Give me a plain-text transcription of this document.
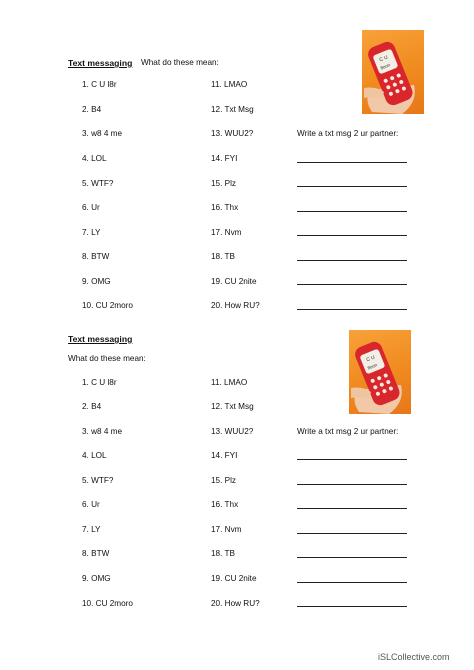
Text messaging What do these mean:	C U
8oon
1. C U l8r
2. B4
3. w8 4 me
4. LOL
5. WTF?
6. Ur
7. LY
8. BTW
9. OMG
10. CU 2moro
11. LMAO
12. Txt Msg
13. WUU2?
14. FYI
15. Plz
16. Thx
17. Nvm
18. TB
19. CU 2nite
20. How RU?
Write a txt msg 2 ur partner:
Text messaging
What do these mean:	C U
8oon
1. C U l8r
2. B4
3. w8 4 me
4. LOL
5. WTF?
6. Ur
7. LY
8. BTW
9. OMG
10. CU 2moro
11. LMAO
12. Txt Msg
13. WUU2?
14. FYI
15. Plz
16. Thx
17. Nvm
18. TB
19. CU 2nite
20. How RU?
Write a txt msg 2 ur partner:
iSLCollective.com
